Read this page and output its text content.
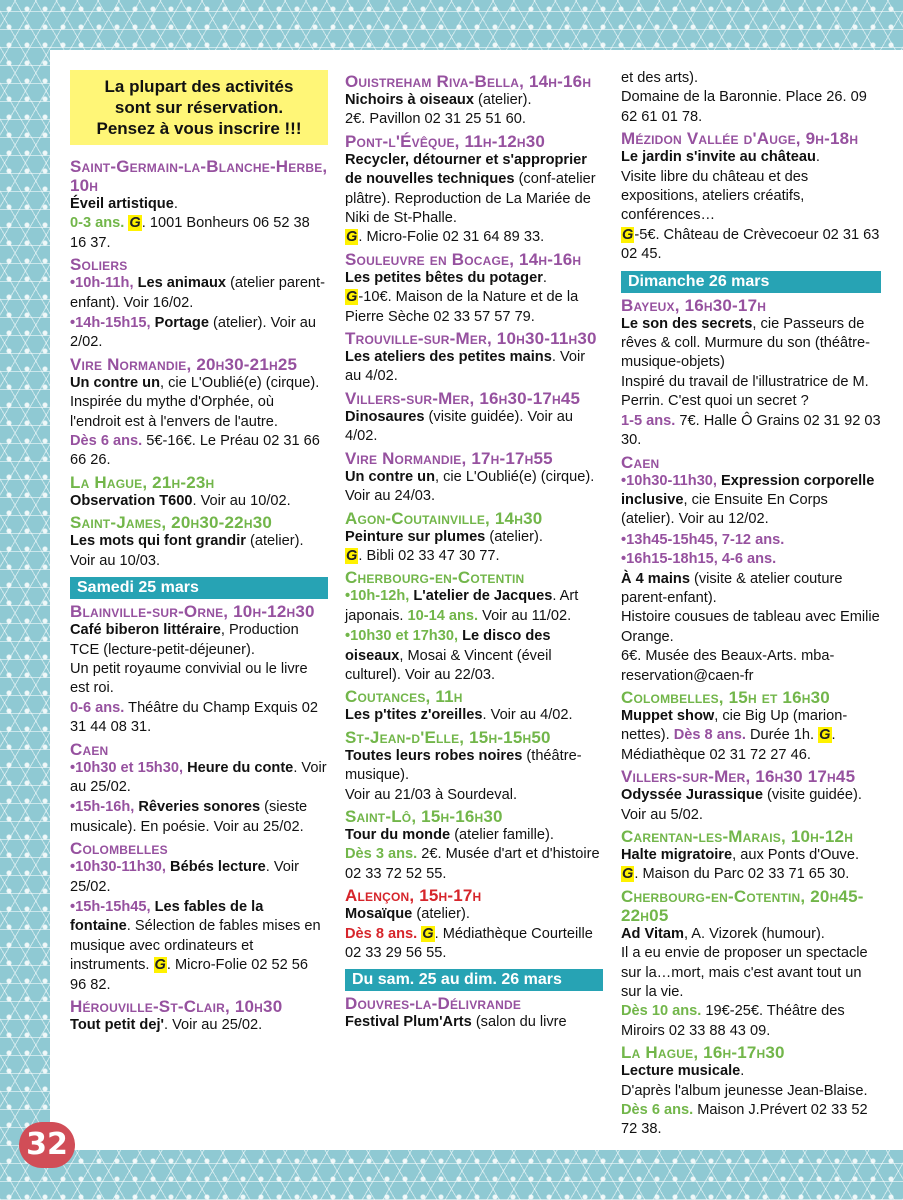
La plupart des activités
sont sur réservation.
Pensez à vous inscrire !!!
Saint-Germain-la-Blanche-Herbe, 10h
Éveil artistique.
0-3 ans. G. 1001 Bonheurs 06 52 38 16 37.
Soliers
•10h-11h, Les animaux (atelier parent- enfant). Voir 16/02.
•14h-15h15, Portage (atelier). Voir au 2/02.
Vire Normandie, 20h30-21h25
Un contre un, cie L'Oublié(e) (cirque).
Inspirée du mythe d'Orphée, où l'endroit est à l'envers de l'autre.
Dès 6 ans. 5€-16€. Le Préau 02 31 66 66 26.
La Hague, 21h-23h
Observation T600. Voir au 10/02.
Saint-James, 20h30-22h30
Les mots qui font grandir (atelier). Voir au 10/03.
Samedi 25 mars
Blainville-sur-Orne, 10h-12h30
Café biberon littéraire, Production TCE (lecture-petit-déjeuner).
Un petit royaume convivial ou le livre est roi.
0-6 ans. Théâtre du Champ Exquis 02 31 44 08 31.
Caen
•10h30 et 15h30, Heure du conte. Voir au 25/02.
•15h-16h, Rêveries sonores (sieste musicale). En poésie. Voir au 25/02.
Colombelles
•10h30-11h30, Bébés lecture. Voir 25/02.
•15h-15h45, Les fables de la fontaine. Sélection de fables mises en musique avec ordinateurs et instruments. G. Micro-Folie 02 52 56 96 82.
Hérouville-St-Clair, 10h30
Tout petit dej'. Voir au 25/02.
Ouistreham Riva-Bella, 14h-16h
Nichoirs à oiseaux (atelier).
2€. Pavillon 02 31 25 51 60.
Pont-l'Évêque, 11h-12h30
Recycler, détourner et s'approprier de nouvelles techniques (conf-atelier plâtre). Reproduction de La Mariée de Niki de St-Phalle.
G. Micro-Folie 02 31 64 89 33.
Souleuvre en Bocage, 14h-16h
Les petites bêtes du potager.
G-10€. Maison de la Nature et de la Pierre Sèche 02 33 57 57 79.
Trouville-sur-Mer, 10h30-11h30
Les ateliers des petites mains. Voir au 4/02.
Villers-sur-Mer, 16h30-17h45
Dinosaures (visite guidée). Voir au 4/02.
Vire Normandie, 17h-17h55
Un contre un, cie L'Oublié(e) (cirque). Voir au 24/03.
Agon-Coutainville, 14h30
Peinture sur plumes (atelier).
G. Bibli 02 33 47 30 77.
Cherbourg-en-Cotentin
•10h-12h, L'atelier de Jacques. Art japonais. 10-14 ans. Voir au 11/02.
•10h30 et 17h30, Le disco des oiseaux, Mosai & Vincent (éveil culturel). Voir au 22/03.
Coutances, 11h
Les p'tites z'oreilles. Voir au 4/02.
St-Jean-d'Elle, 15h-15h50
Toutes leurs robes noires (théâtre-musique).
Voir au 21/03 à Sourdeval.
Saint-Lô, 15h-16h30
Tour du monde (atelier famille).
Dès 3 ans. 2€. Musée d'art et d'histoire 02 33 72 52 55.
Alençon, 15h-17h
Mosaïque (atelier).
Dès 8 ans. G. Médiathèque Courteille 02 33 29 56 55.
Du sam. 25 au dim. 26 mars
Douvres-la-Délivrande
Festival Plum'Arts (salon du livre
et des arts).
Domaine de la Baronnie. Place 26. 09 62 61 01 78.
Mézidon Vallée d'Auge, 9h-18h
Le jardin s'invite au château.
Visite libre du château et des expositions, ateliers créatifs, conférences…
G-5€. Château de Crèvecoeur 02 31 63 02 45.
Dimanche 26 mars
Bayeux, 16h30-17h
Le son des secrets, cie Passeurs de rêves & coll. Murmure du son (théâtre-musique-objets)
Inspiré du travail de l'illustratrice de M. Perrin. C'est quoi un secret ?
1-5 ans. 7€. Halle Ô Grains 02 31 92 03 30.
Caen
•10h30-11h30, Expression corporelle inclusive, cie Ensuite En Corps (atelier). Voir au 12/02.
•13h45-15h45, 7-12 ans.
•16h15-18h15, 4-6 ans.
À 4 mains (visite & atelier couture parent-enfant).
Histoire cousues de tableau avec Emilie Orange.
6€. Musée des Beaux-Arts. mba-reservation@caen-fr
Colombelles, 15h et 16h30
Muppet show, cie Big Up (marion-nettes). Dès 8 ans. Durée 1h. G. Médiathèque 02 31 72 27 46.
Villers-sur-Mer, 16h30 17h45
Odyssée Jurassique (visite guidée). Voir au 5/02.
Carentan-les-Marais, 10h-12h
Halte migratoire, aux Ponts d'Ouve.
G. Maison du Parc 02 33 71 65 30.
Cherbourg-en-Cotentin, 20h45-22h05
Ad Vitam, A. Vizorek (humour).
Il a eu envie de proposer un spectacle sur la…mort, mais c'est avant tout un sur la vie.
Dès 10 ans. 19€-25€. Théâtre des Miroirs 02 33 88 43 09.
La Hague, 16h-17h30
Lecture musicale.
D'après l'album jeunesse Jean-Blaise.
Dès 6 ans. Maison J.Prévert 02 33 52 72 38.
32
